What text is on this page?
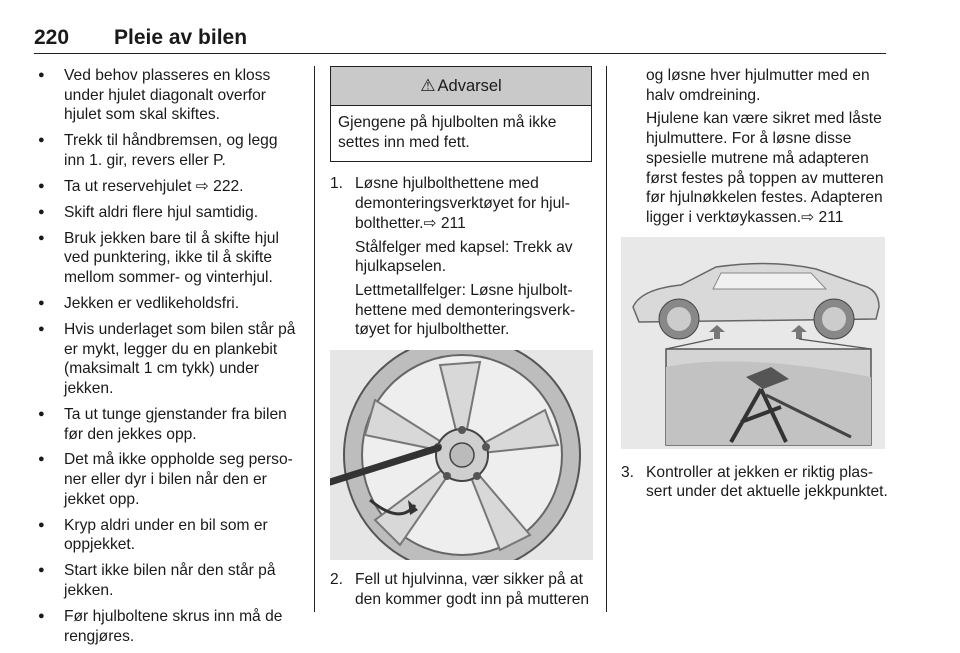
220 Pleie av bilen
● Ved behov plasseres en kloss under hjulet diagonalt overfor hjulet som skal skiftes.
● Trekk til håndbremsen, og legg inn 1. gir, revers eller P.
● Ta ut reservehjulet ⇨ 222.
● Skift aldri flere hjul samtidig.
● Bruk jekken bare til å skifte hjul ved punktering, ikke til å skifte mellom sommer- og vinterhjul.
● Jekken er vedlikeholdsfri.
● Hvis underlaget som bilen står på er mykt, legger du en plankebit (maksimalt 1 cm tykk) under jekken.
● Ta ut tunge gjenstander fra bilen før den jekkes opp.
● Det må ikke oppholde seg personer eller dyr i bilen når den er jekket opp.
● Kryp aldri under en bil som er oppjekket.
● Start ikke bilen når den står på jekken.
● Før hjulboltene skrus inn må de rengjøres.
⚠ Advarsel
Gjengene på hjulbolten må ikke settes inn med fett.
1. Løsne hjulbolthettene med demonteringsverktøyet for hjulbolthetter.⇨ 211
Stålfelger med kapsel: Trekk av hjulkapselen.
Lettmetallfelger: Løsne hjulbolthettene med demonteringsverktøyet for hjulbolthetter.
2. Fell ut hjulvinna, vær sikker på at den kommer godt inn på mutteren
og løsne hver hjulmutter med en halv omdreining.
Hjulene kan være sikret med låste hjulmuttere. For å løsne disse spesielle mutrene må adapteren først festes på toppen av mutteren før hjulnøkkelen festes. Adapteren ligger i verktøykassen.⇨ 211
3. Kontroller at jekken er riktig plassert under det aktuelle jekkpunktet.
